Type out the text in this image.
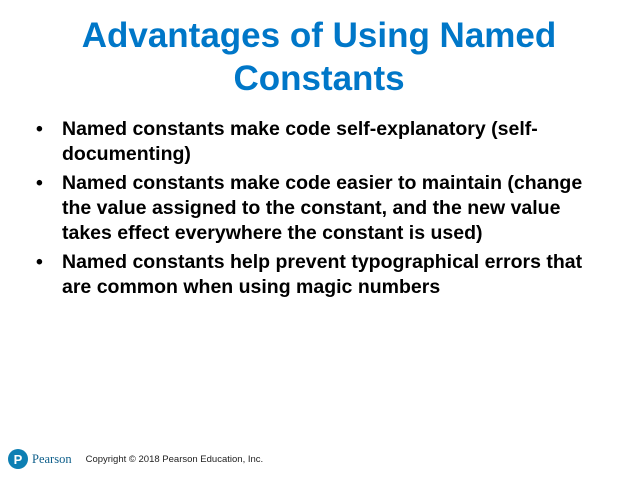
Advantages of Using Named Constants
• Named constants make code self-explanatory (self-documenting)
• Named constants make code easier to maintain (change the value assigned to the constant, and the new value takes effect everywhere the constant is used)
• Named constants help prevent typographical errors that are common when using magic numbers
P Pearson Copyright © 2018 Pearson Education, Inc.
